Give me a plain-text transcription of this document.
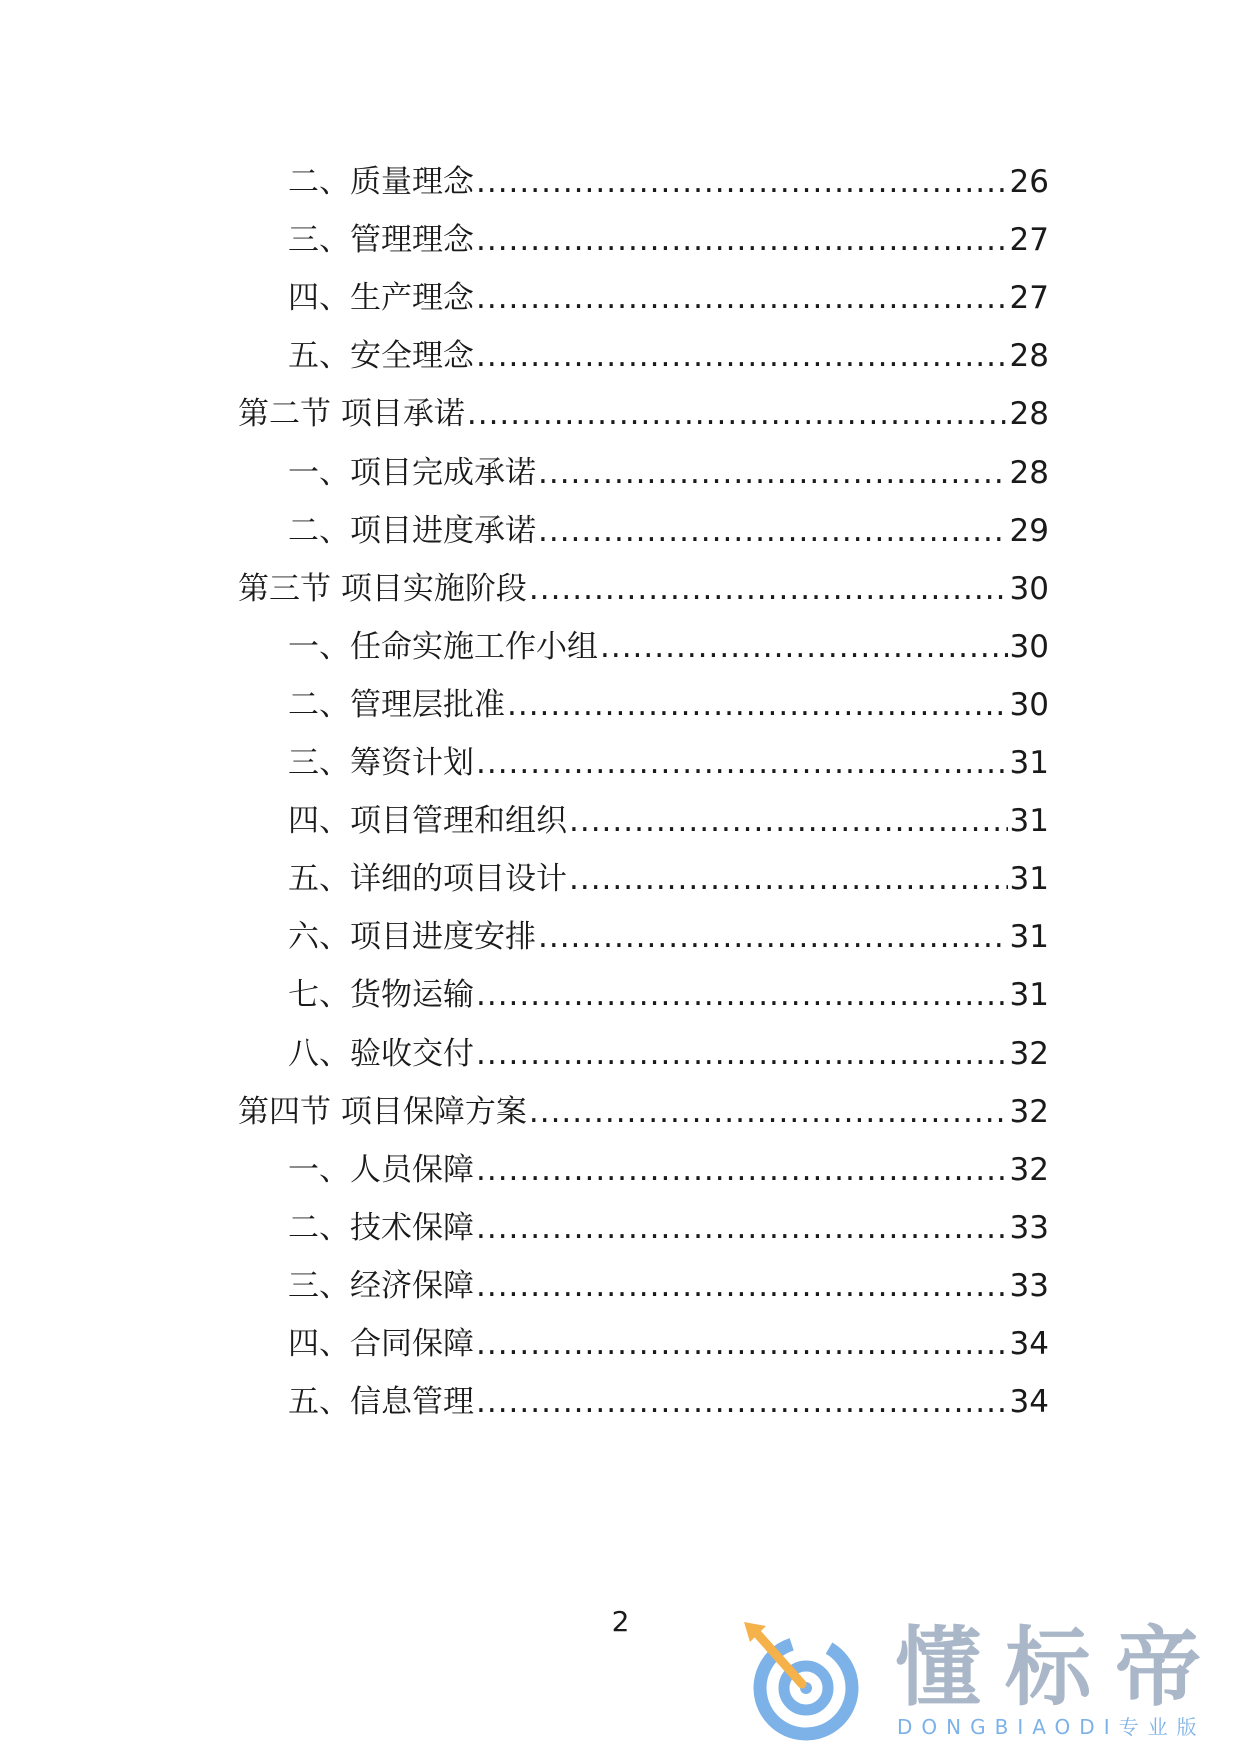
二、质量理念 .....	26
三、管理理念 .....	27
四、生产理念 .....	27
五、安全理念 .....	28
第二节 项目承诺 .....	28
一、项目完成承诺 .....	28
二、项目进度承诺 .....	29
第三节 项目实施阶段 .....	30
一、任命实施工作小组 .....	30
二、管理层批准 .....	30
三、筹资计划 .....	31
四、项目管理和组织 .....	31
五、详细的项目设计 .....	31
六、项目进度安排 .....	31
七、货物运输 .....	31
八、验收交付 .....	32
第四节 项目保障方案 .....	32
一、人员保障 .....	32
二、技术保障 .....	33
三、经济保障 .....	33
四、合同保障 .....	34
五、信息管理 .....	34
2	懂标帝
DONGBIAODI专业版
